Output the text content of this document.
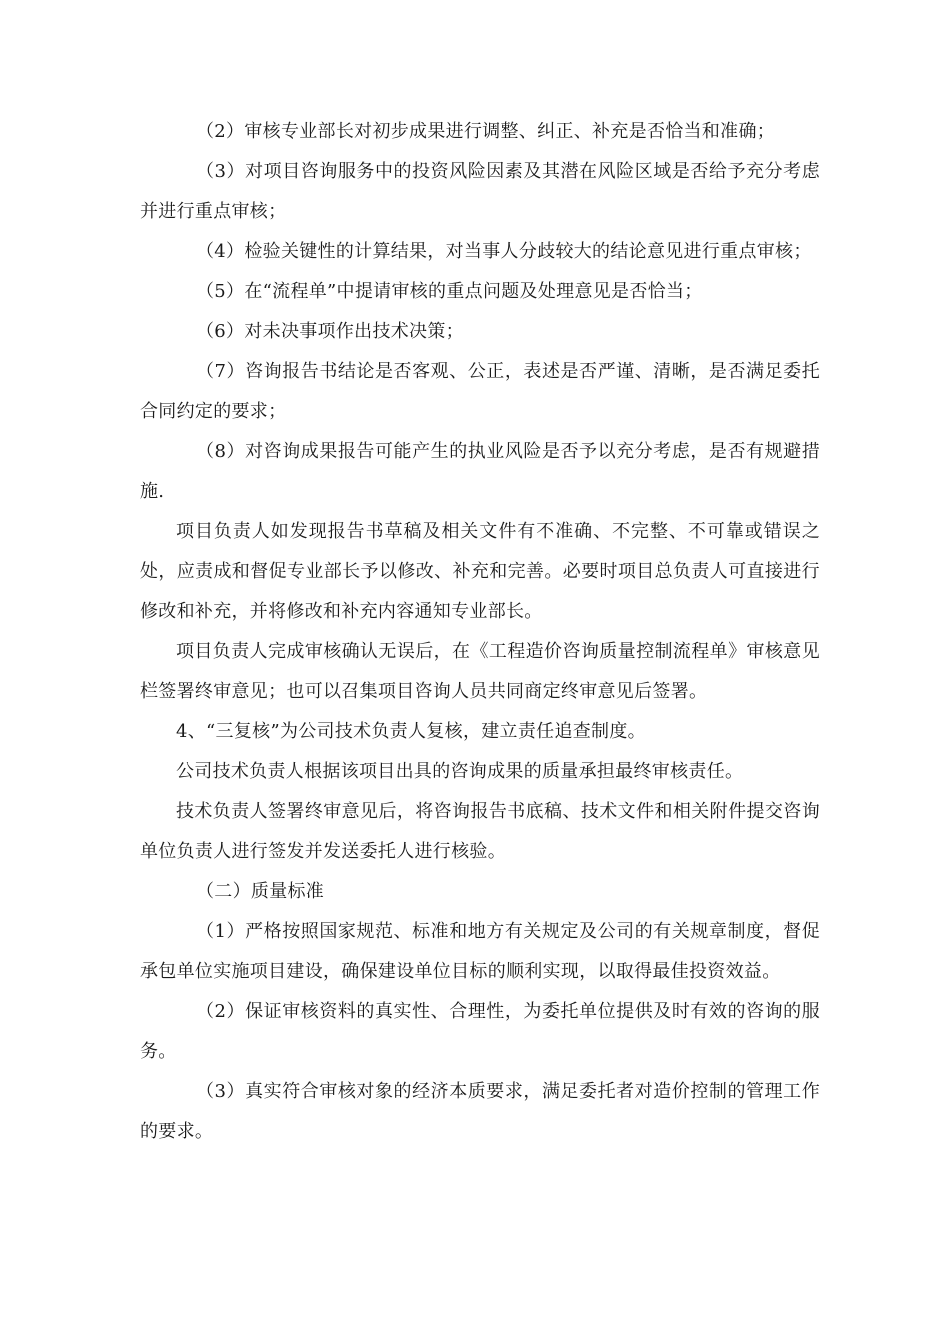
（2）审核专业部长对初步成果进行调整、纠正、补充是否恰当和准确；

（3）对项目咨询服务中的投资风险因素及其潜在风险区域是否给予充分考虑并进行重点审核；

（4）检验关键性的计算结果，对当事人分歧较大的结论意见进行重点审核；

（5）在“流程单”中提请审核的重点问题及处理意见是否恰当；

（6）对未决事项作出技术决策；

（7）咨询报告书结论是否客观、公正，表述是否严谨、清晰，是否满足委托合同约定的要求；

（8）对咨询成果报告可能产生的执业风险是否予以充分考虑，是否有规避措施.

项目负责人如发现报告书草稿及相关文件有不准确、不完整、不可靠或错误之处，应责成和督促专业部长予以修改、补充和完善。必要时项目总负责人可直接进行修改和补充，并将修改和补充内容通知专业部长。

项目负责人完成审核确认无误后，在《工程造价咨询质量控制流程单》审核意见栏签署终审意见；也可以召集项目咨询人员共同商定终审意见后签署。

4、“三复核”为公司技术负责人复核，建立责任追查制度。

公司技术负责人根据该项目出具的咨询成果的质量承担最终审核责任。

技术负责人签署终审意见后，将咨询报告书底稿、技术文件和相关附件提交咨询单位负责人进行签发并发送委托人进行核验。

（二）质量标准

（1）严格按照国家规范、标准和地方有关规定及公司的有关规章制度，督促承包单位实施项目建设，确保建设单位目标的顺利实现，以取得最佳投资效益。

（2）保证审核资料的真实性、合理性，为委托单位提供及时有效的咨询的服务。

（3）真实符合审核对象的经济本质要求，满足委托者对造价控制的管理工作的要求。
